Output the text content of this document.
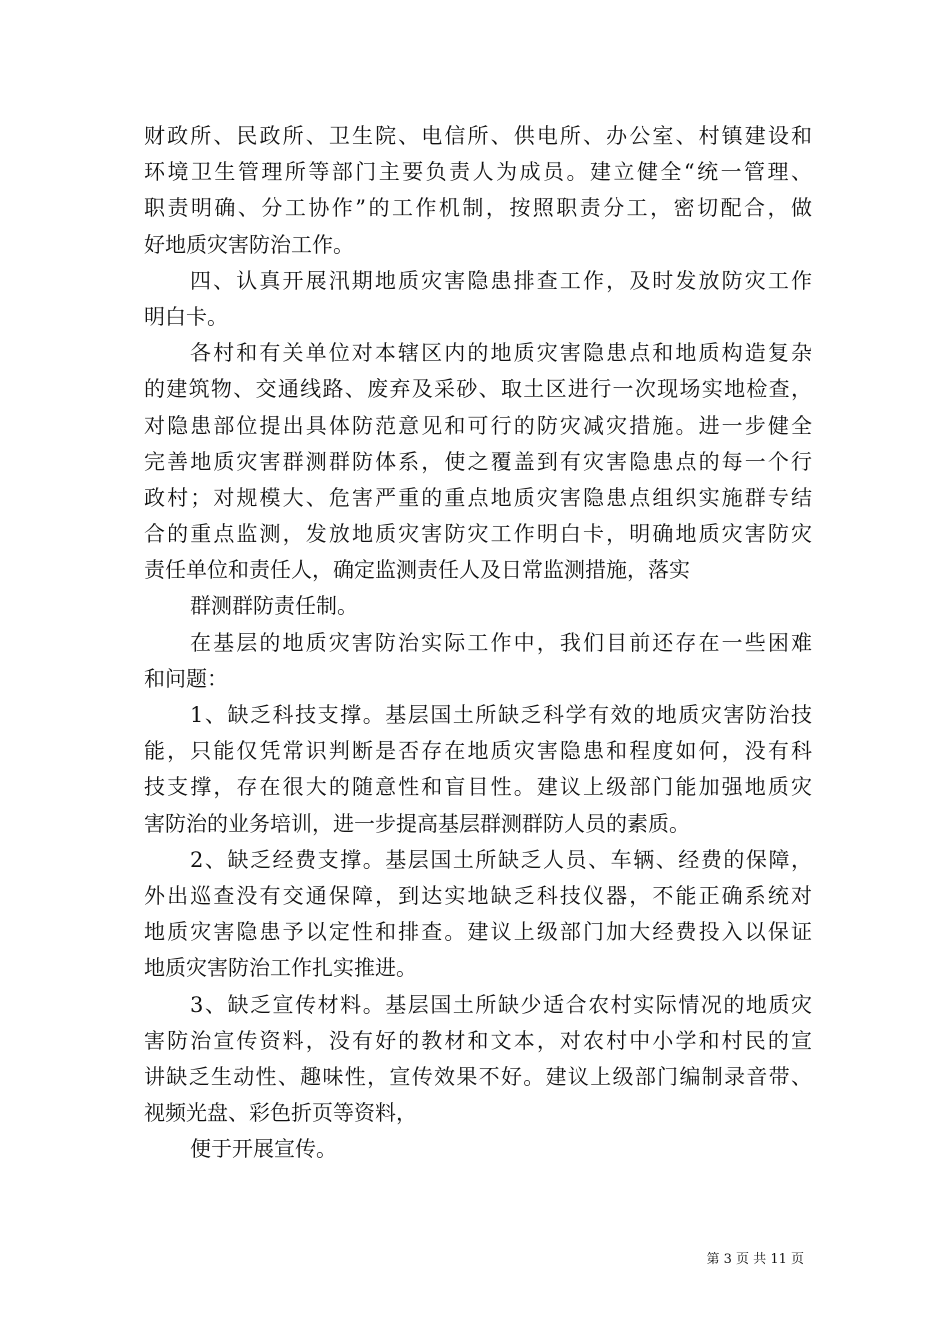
财政所、民政所、卫生院、电信所、供电所、办公室、村镇建设和
环境卫生管理所等部门主要负责人为成员。建立健全“统一管理、
职责明确、分工协作”的工作机制，按照职责分工，密切配合，做
好地质灾害防治工作。
四、认真开展汛期地质灾害隐患排查工作，及时发放防灾工作
明白卡。
各村和有关单位对本辖区内的地质灾害隐患点和地质构造复杂
的建筑物、交通线路、废弃及采砂、取土区进行一次现场实地检查，
对隐患部位提出具体防范意见和可行的防灾减灾措施。进一步健全
完善地质灾害群测群防体系，使之覆盖到有灾害隐患点的每一个行
政村；对规模大、危害严重的重点地质灾害隐患点组织实施群专结
合的重点监测，发放地质灾害防灾工作明白卡，明确地质灾害防灾
责任单位和责任人，确定监测责任人及日常监测措施，落实
群测群防责任制。
在基层的地质灾害防治实际工作中，我们目前还存在一些困难
和问题：
1、缺乏科技支撑。基层国土所缺乏科学有效的地质灾害防治技
能，只能仅凭常识判断是否存在地质灾害隐患和程度如何，没有科
技支撑，存在很大的随意性和盲目性。建议上级部门能加强地质灾
害防治的业务培训，进一步提高基层群测群防人员的素质。
2、缺乏经费支撑。基层国土所缺乏人员、车辆、经费的保障，
外出巡查没有交通保障，到达实地缺乏科技仪器，不能正确系统对
地质灾害隐患予以定性和排查。建议上级部门加大经费投入以保证
地质灾害防治工作扎实推进。
3、缺乏宣传材料。基层国土所缺少适合农村实际情况的地质灾
害防治宣传资料，没有好的教材和文本，对农村中小学和村民的宣
讲缺乏生动性、趣味性，宣传效果不好。建议上级部门编制录音带、
视频光盘、彩色折页等资料，
便于开展宣传。
第 3 页 共 11 页
